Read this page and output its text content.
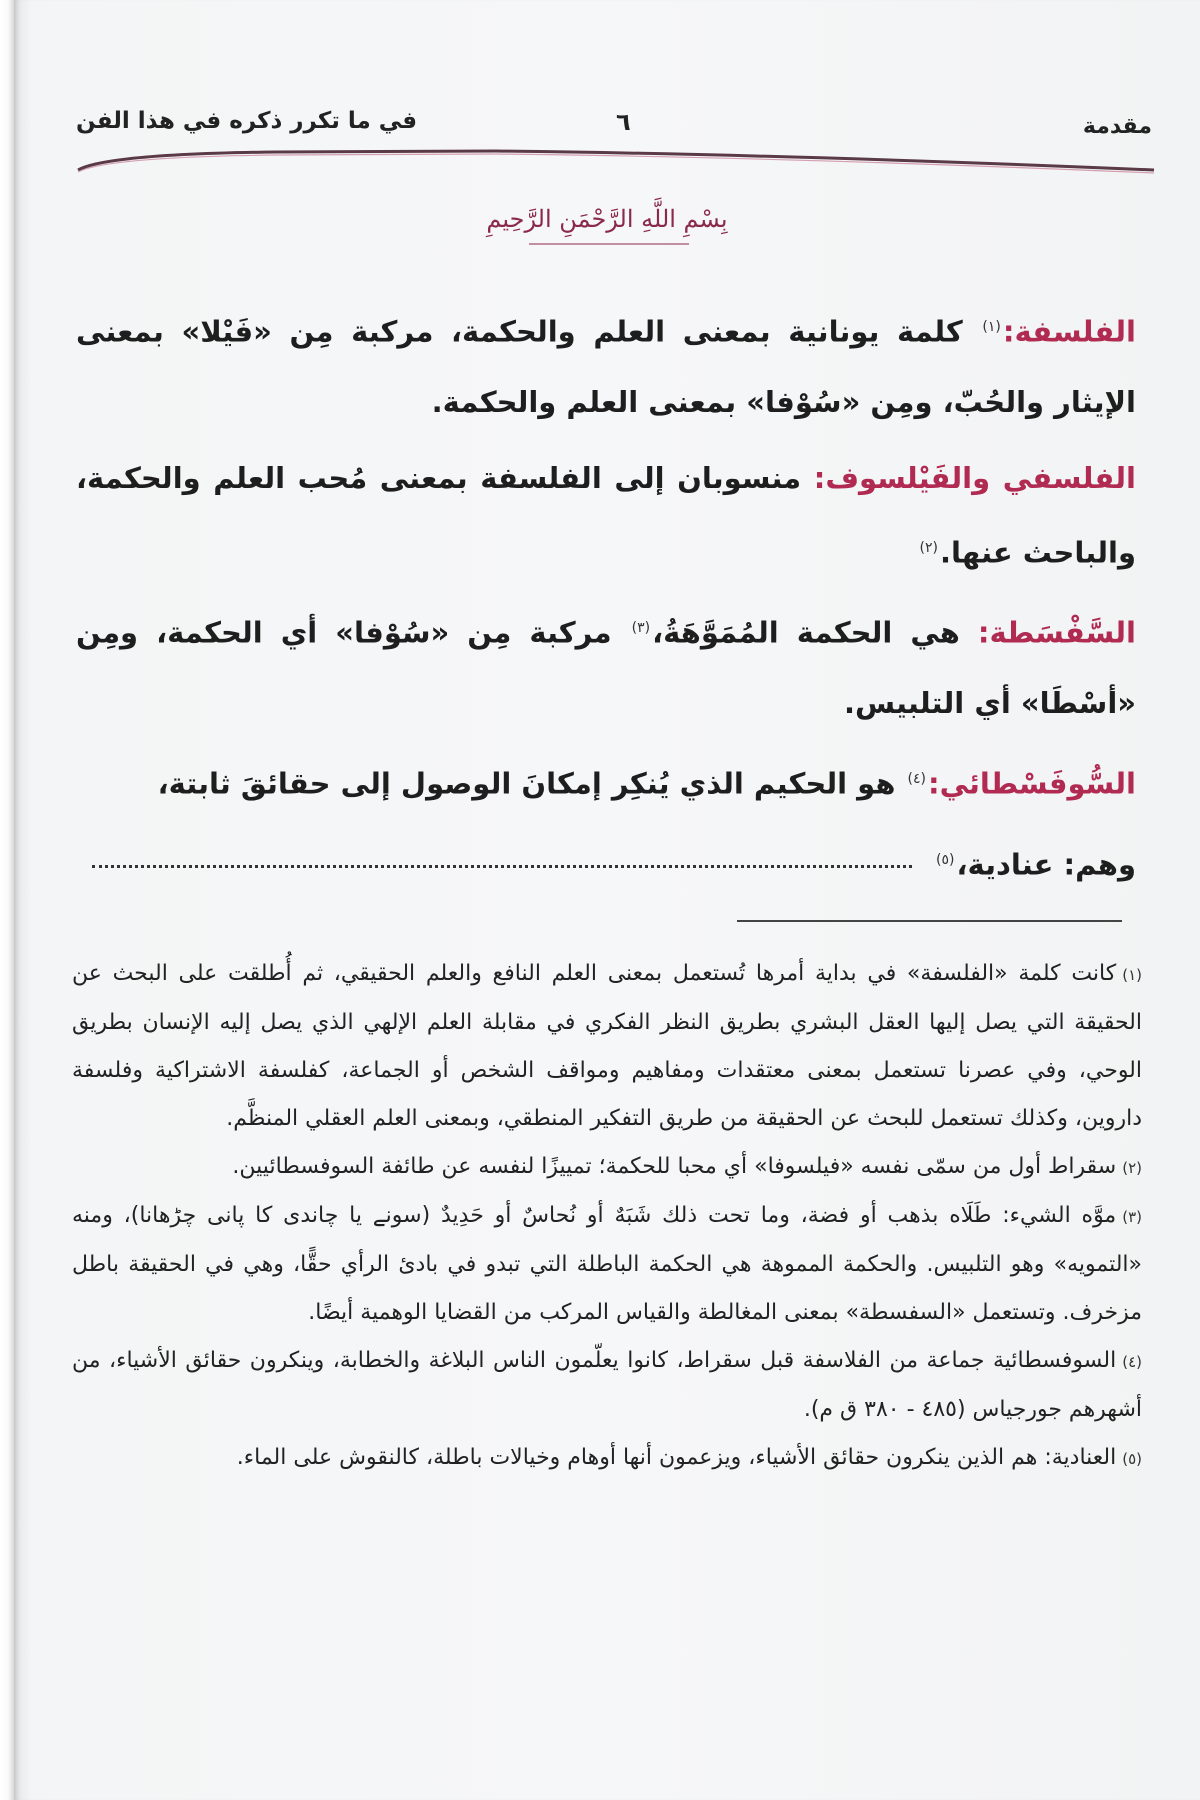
مقدمة
٦
في ما تكرر ذكره في هذا الفن
بِسْمِ اللَّهِ الرَّحْمَنِ الرَّحِيمِ

الفلسفة:$^{(١)}$ كلمة يونانية بمعنى العلم والحكمة، مركبة مِن «فَيْلا» بمعنى الإيثار والحُبّ، ومِن «سُوْفا» بمعنى العلم والحكمة.

الفلسفي والفَيْلسوف: منسوبان إلى الفلسفة بمعنى مُحب العلم والحكمة، والباحث عنها.$^{(٢)}$

السَّفْسَطة: هي الحكمة المُمَوَّهَةُ،$^{(٣)}$ مركبة مِن «سُوْفا» أي الحكمة، ومِن «أسْطَا» أي التلبيس.

السُّوفَسْطائي:$^{(٤)}$ هو الحكيم الذي يُنكِر إمكانَ الوصول إلى حقائقَ ثابتة،

وهم: عنادية،$^{(٥)}$

(١)كانت كلمة «الفلسفة» في بداية أمرها تُستعمل بمعنى العلم النافع والعلم الحقيقي، ثم أُطلقت على البحث عن الحقيقة التي يصل إليها العقل البشري بطريق النظر الفكري في مقابلة العلم الإلهي الذي يصل إليه الإنسان بطريق الوحي، وفي عصرنا تستعمل بمعنى معتقدات ومفاهيم ومواقف الشخص أو الجماعة، كفلسفة الاشتراكية وفلسفة داروين، وكذلك تستعمل للبحث عن الحقيقة من طريق التفكير المنطقي، وبمعنى العلم العقلي المنظَّم.

(٢)سقراط أول من سمّى نفسه «فيلسوفا» أي محبا للحكمة؛ تمييزًا لنفسه عن طائفة السوفسطائيين.

(٣)موَّه الشيء: طَلَاه بذهب أو فضة، وما تحت ذلك شَبَهٌ أو نُحاسٌ أو حَدِيدٌ (سونے یا چاندی کا پانی چڑھانا)، ومنه «التمويه» وهو التلبيس. والحكمة المموهة هي الحكمة الباطلة التي تبدو في بادئ الرأي حقًّا، وهي في الحقيقة باطل مزخرف. وتستعمل «السفسطة» بمعنى المغالطة والقياس المركب من القضايا الوهمية أيضًا.

(٤)السوفسطائية جماعة من الفلاسفة قبل سقراط، كانوا يعلّمون الناس البلاغة والخطابة، وينكرون حقائق الأشياء، من أشهرهم جورجياس (٤٨٥ - ٣٨٠ ق م).

(٥)العنادية: هم الذين ينكرون حقائق الأشياء، ويزعمون أنها أوهام وخيالات باطلة، كالنقوش على الماء.
